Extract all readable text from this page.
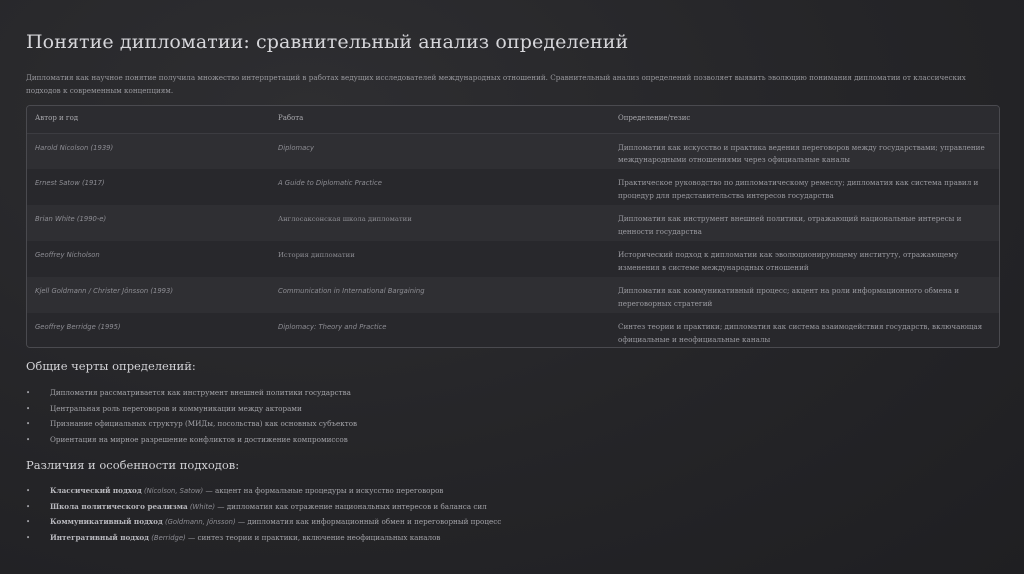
Понятие дипломатии: сравнительный анализ определений

Дипломатия как научное понятие получила множество интерпретаций в работах ведущих исследователей международных отношений. Сравнительный анализ определений позволяет выявить эволюцию понимания дипломатии от классических подходов к современным концепциям.

Автор и год	Работа	Определение/тезис
Harold Nicolson (1939)	Diplomacy	Дипломатия как искусство и практика ведения переговоров между государствами; управление международными отношениями через официальные каналы
Ernest Satow (1917)	A Guide to Diplomatic Practice	Практическое руководство по дипломатическому ремеслу; дипломатия как система правил и процедур для представительства интересов государства
Brian White (1990-е)	Англосаксонская школа дипломатии	Дипломатия как инструмент внешней политики, отражающий национальные интересы и ценности государства
Geoffrey Nicholson	История дипломатии	Исторический подход к дипломатии как эволюционирующему институту, отражающему изменения в системе международных отношений
Kjell Goldmann / Christer Jönsson (1993)	Communication in International Bargaining	Дипломатия как коммуникативный процесс; акцент на роли информационного обмена и переговорных стратегий
Geoffrey Berridge (1995)	Diplomacy: Theory and Practice	Синтез теории и практики; дипломатия как система взаимодействия государств, включающая официальные и неофициальные каналы
Общие черты определений:
•	Дипломатия рассматривается как инструмент внешней политики государства
•	Центральная роль переговоров и коммуникации между акторами
•	Признание официальных структур (МИДы, посольства) как основных субъектов
•	Ориентация на мирное разрешение конфликтов и достижение компромиссов
Различия и особенности подходов:
•	Классический подход (Nicolson, Satow) — акцент на формальные процедуры и искусство переговоров
•	Школа политического реализма (White) — дипломатия как отражение национальных интересов и баланса сил
•	Коммуникативный подход (Goldmann, Jönsson) — дипломатия как информационный обмен и переговорный процесс
•	Интегративный подход (Berridge) — синтез теории и практики, включение неофициальных каналов
